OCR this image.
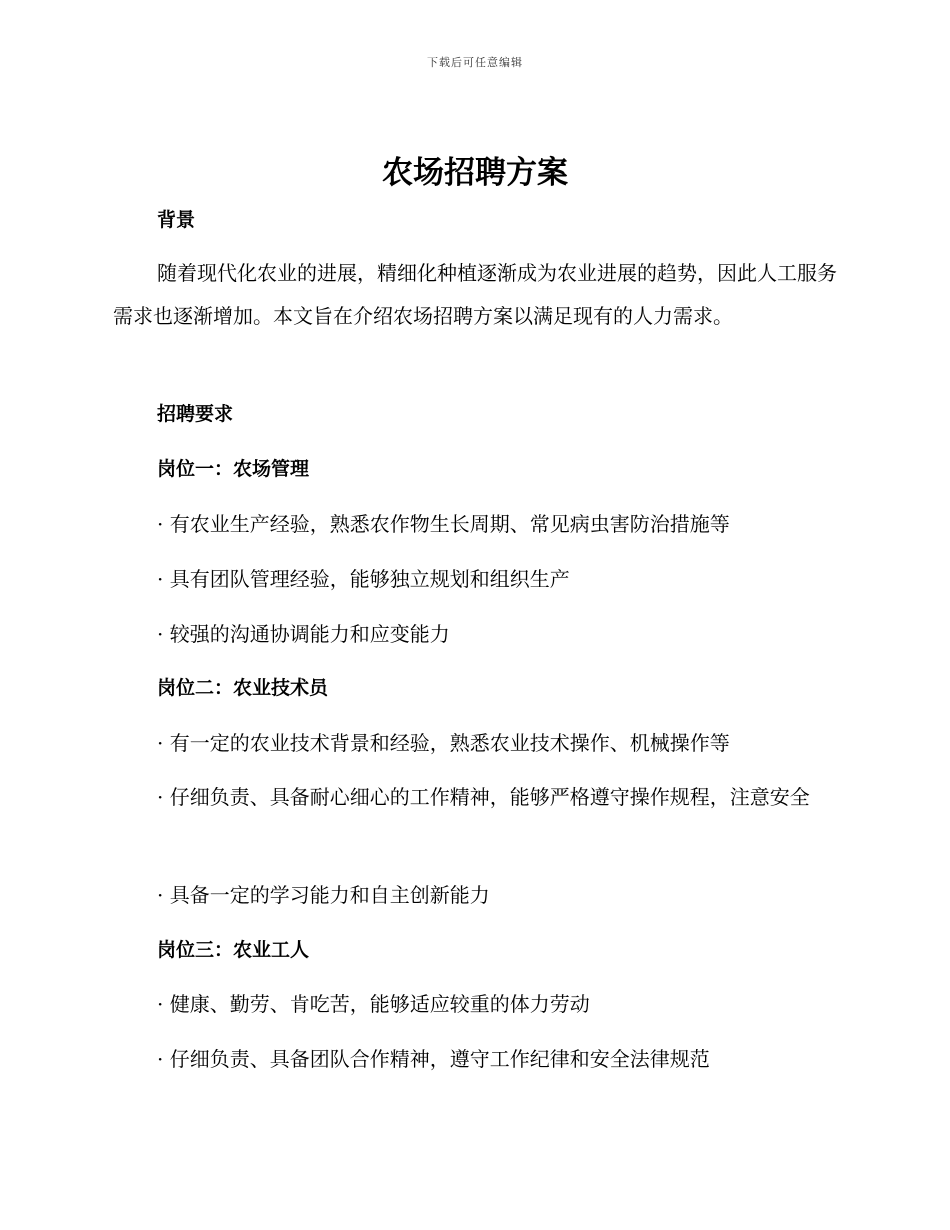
下载后可任意编辑
农场招聘方案

背景

随着现代化农业的进展，精细化种植逐渐成为农业进展的趋势，因此人工服务需求也逐渐增加。本文旨在介绍农场招聘方案以满足现有的人力需求。

招聘要求

岗位一：农场管理

· 有农业生产经验，熟悉农作物生长周期、常见病虫害防治措施等

· 具有团队管理经验，能够独立规划和组织生产

· 较强的沟通协调能力和应变能力

岗位二：农业技术员

· 有一定的农业技术背景和经验，熟悉农业技术操作、机械操作等

· 仔细负责、具备耐心细心的工作精神，能够严格遵守操作规程，注意安全

· 具备一定的学习能力和自主创新能力

岗位三：农业工人

· 健康、勤劳、肯吃苦，能够适应较重的体力劳动

· 仔细负责、具备团队合作精神，遵守工作纪律和安全法律规范
